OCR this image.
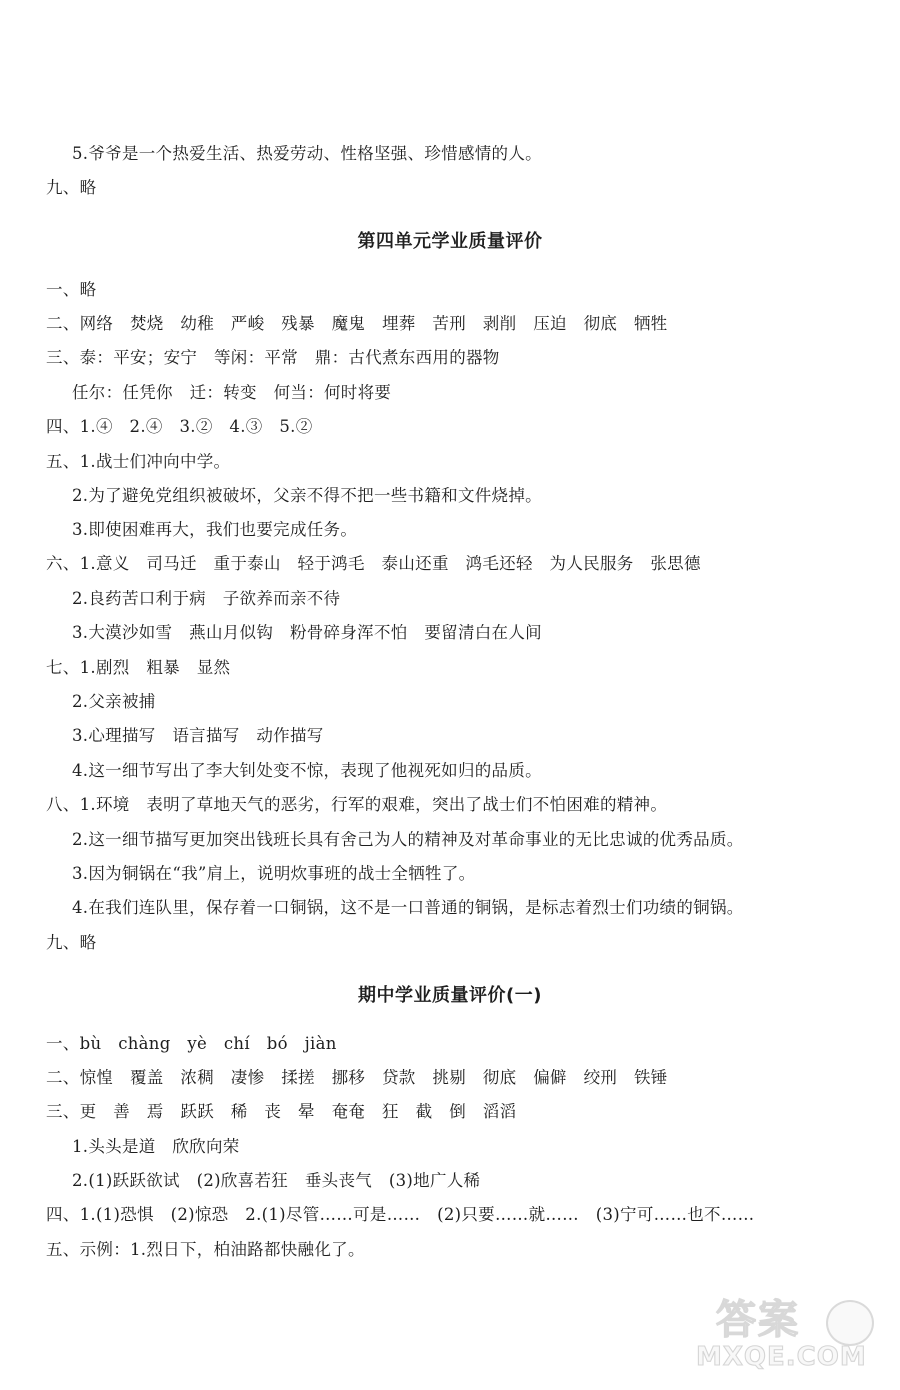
5.爷爷是一个热爱生活、热爱劳动、性格坚强、珍惜感情的人。
九、略
第四单元学业质量评价
一、略
二、网络　焚烧　幼稚　严峻　残暴　魔鬼　埋葬　苦刑　剥削　压迫　彻底　牺牲
三、泰：平安；安宁　等闲：平常　鼎：古代煮东西用的器物
任尔：任凭你　迁：转变　何当：何时将要
四、1.④　2.④　3.②　4.③　5.②
五、1.战士们冲向中学。
2.为了避免党组织被破坏，父亲不得不把一些书籍和文件烧掉。
3.即使困难再大，我们也要完成任务。
六、1.意义　司马迁　重于泰山　轻于鸿毛　泰山还重　鸿毛还轻　为人民服务　张思德
2.良药苦口利于病　子欲养而亲不待
3.大漠沙如雪　燕山月似钩　粉骨碎身浑不怕　要留清白在人间
七、1.剧烈　粗暴　显然
2.父亲被捕
3.心理描写　语言描写　动作描写
4.这一细节写出了李大钊处变不惊，表现了他视死如归的品质。
八、1.环境　表明了草地天气的恶劣，行军的艰难，突出了战士们不怕困难的精神。
2.这一细节描写更加突出钱班长具有舍己为人的精神及对革命事业的无比忠诚的优秀品质。
3.因为铜锅在“我”肩上，说明炊事班的战士全牺牲了。
4.在我们连队里，保存着一口铜锅，这不是一口普通的铜锅，是标志着烈士们功绩的铜锅。
九、略
期中学业质量评价(一)
一、bù　chàng　yè　chí　bó　jiàn
二、惊惶　覆盖　浓稠　凄惨　揉搓　挪移　贷款　挑剔　彻底　偏僻　绞刑　铁锤
三、更　善　焉　跃跃　稀　丧　晕　奄奄　狂　截　倒　滔滔
1.头头是道　欣欣向荣
2.(1)跃跃欲试　(2)欣喜若狂　垂头丧气　(3)地广人稀
四、1.(1)恐惧　(2)惊恐　2.(1)尽管……可是……　(2)只要……就……　(3)宁可……也不……
五、示例：1.烈日下，柏油路都快融化了。
答案
MXQE.COM
